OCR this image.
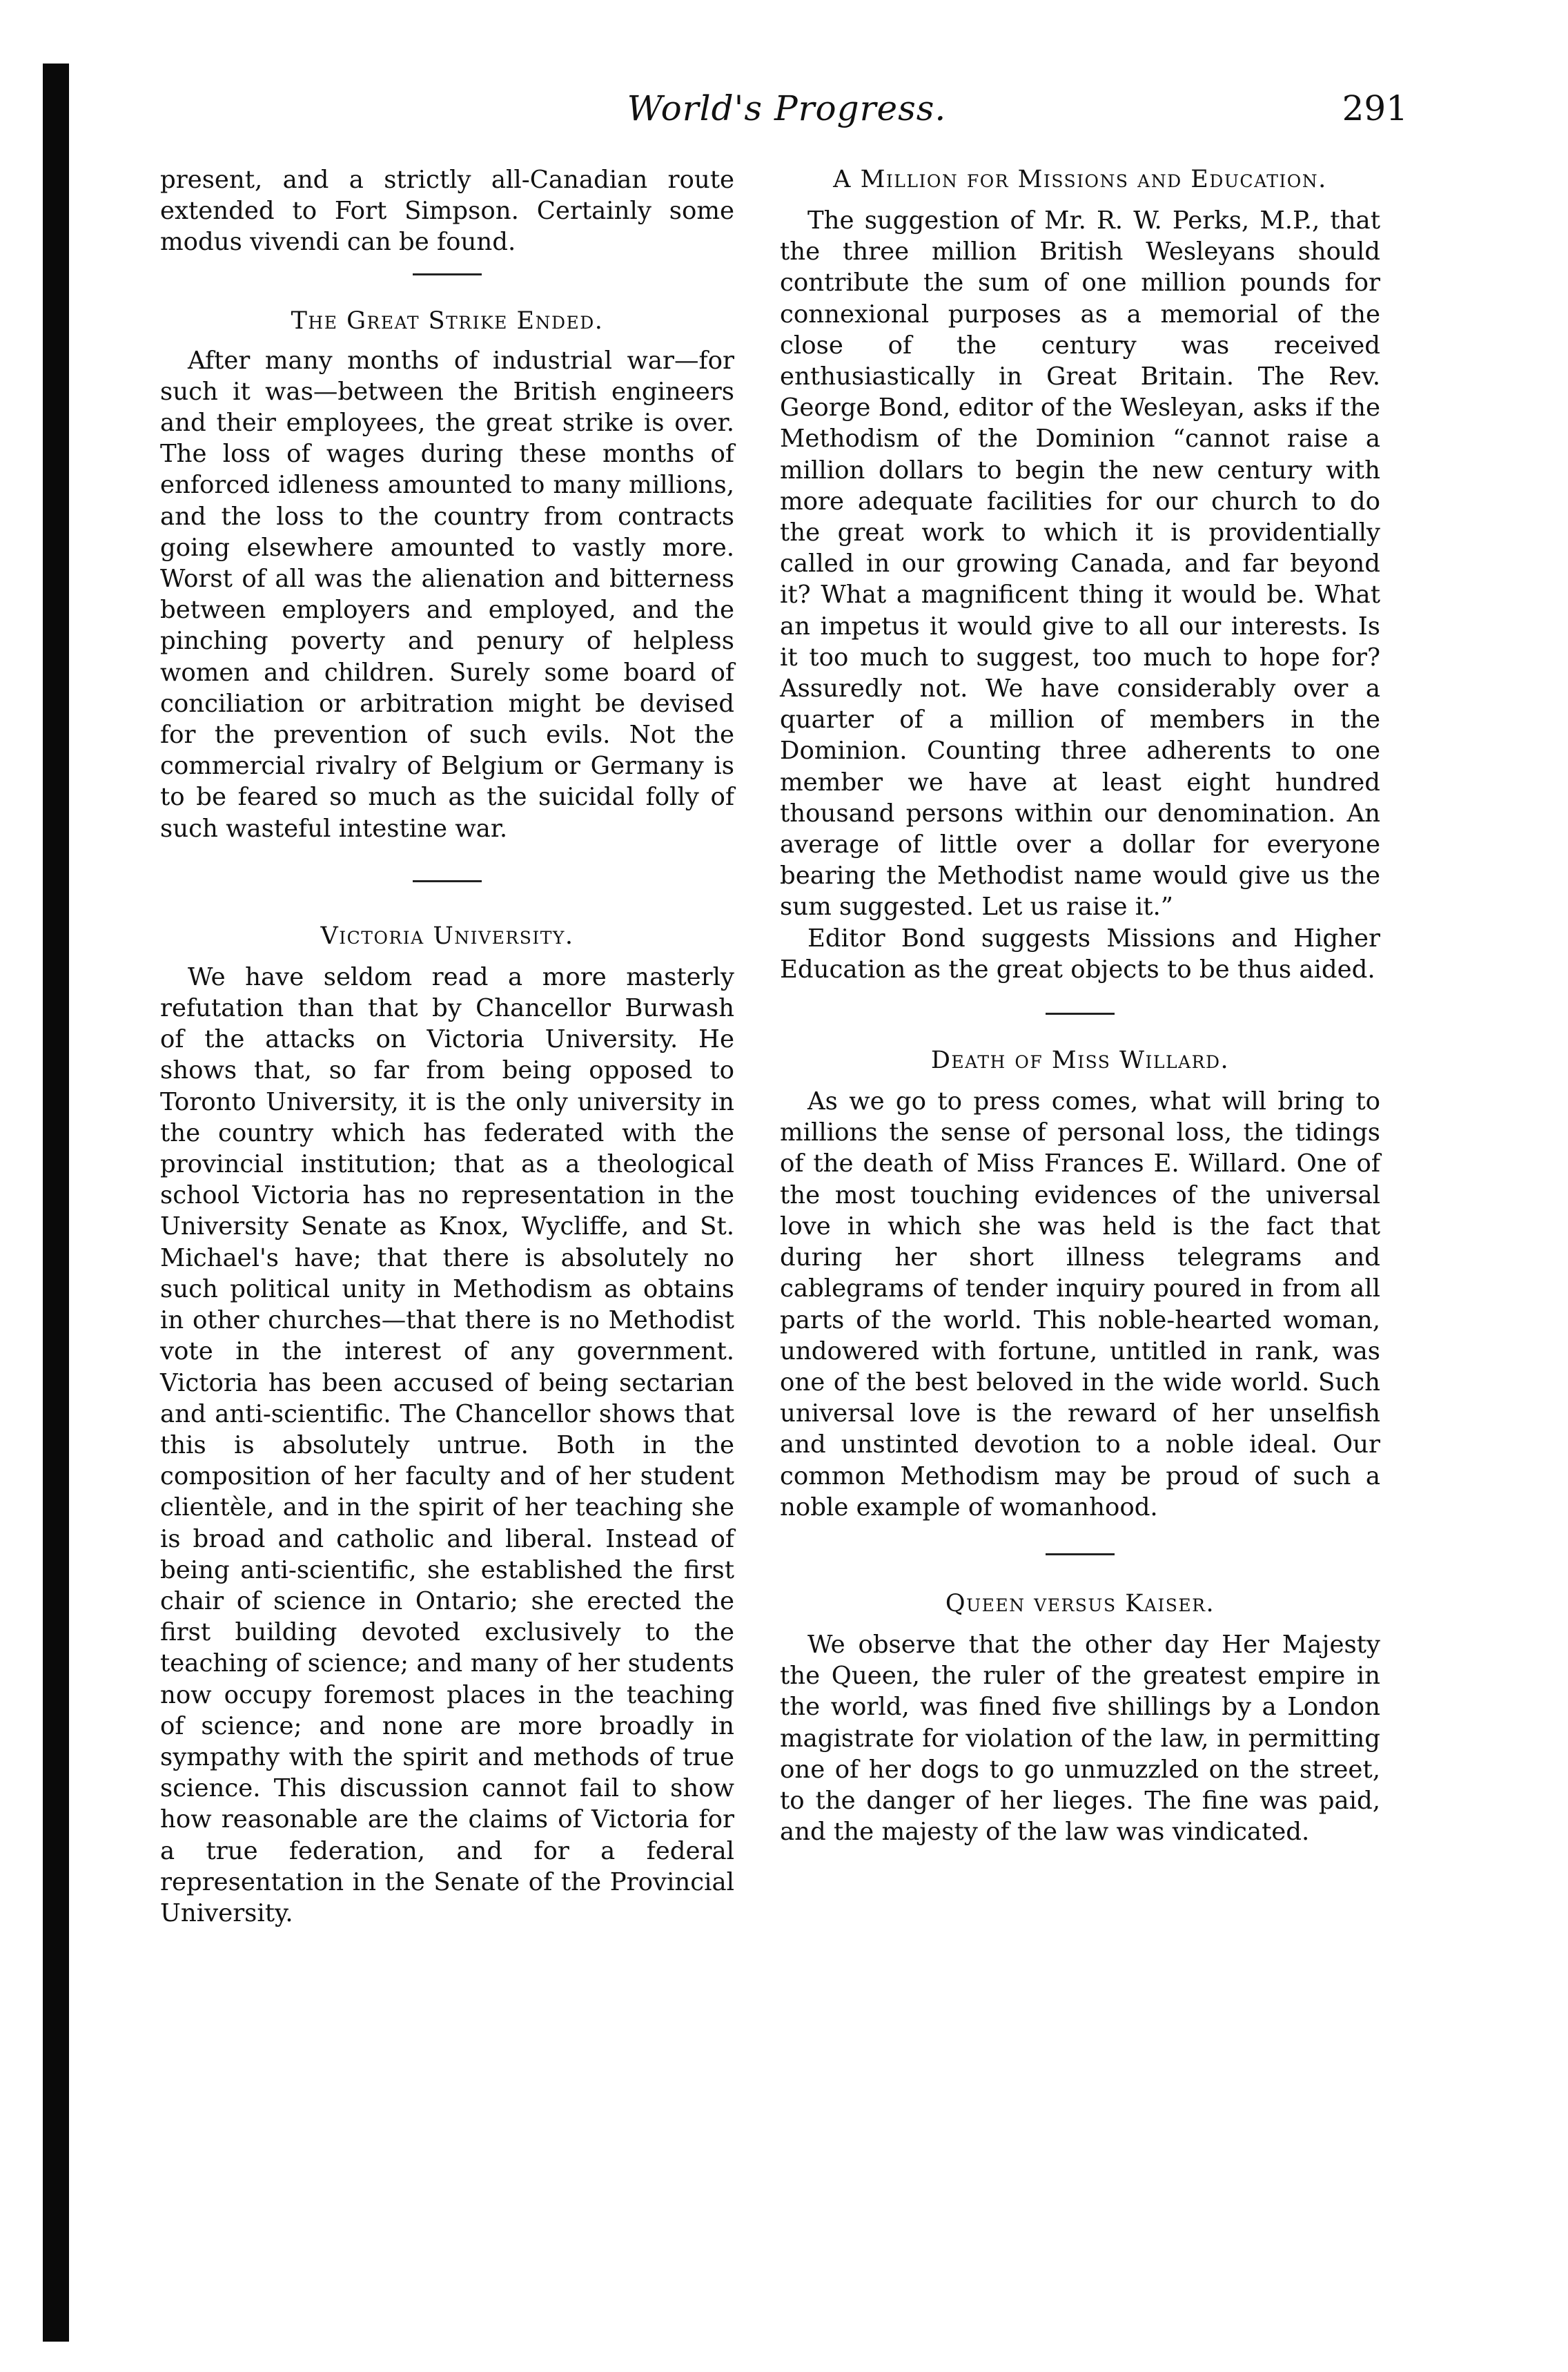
World's Progress.	291

present, and a strictly all-Canadian route extended to Fort Simpson. Certainly some modus vivendi can be found.

The Great Strike Ended.

After many months of industrial war—for such it was—between the British engineers and their employees, the great strike is over. The loss of wages during these months of enforced idleness amounted to many millions, and the loss to the country from contracts going elsewhere amounted to vastly more. Worst of all was the alienation and bitterness between employers and employed, and the pinching poverty and penury of helpless women and children. Surely some board of conciliation or arbitration might be devised for the prevention of such evils. Not the commercial rivalry of Belgium or Germany is to be feared so much as the suicidal folly of such wasteful intestine war.

Victoria University.

We have seldom read a more masterly refutation than that by Chancellor Burwash of the attacks on Victoria University. He shows that, so far from being opposed to Toronto University, it is the only university in the country which has federated with the provincial institution; that as a theological school Victoria has no representation in the University Senate as Knox, Wycliffe, and St. Michael's have; that there is absolutely no such political unity in Methodism as obtains in other churches—that there is no Methodist vote in the interest of any government. Victoria has been accused of being sectarian and anti-scientific. The Chancellor shows that this is absolutely untrue. Both in the composition of her faculty and of her student clientèle, and in the spirit of her teaching she is broad and catholic and liberal. Instead of being anti-scientific, she established the first chair of science in Ontario; she erected the first building devoted exclusively to the teaching of science; and many of her students now occupy foremost places in the teaching of science; and none are more broadly in sympathy with the spirit and methods of true science. This discussion cannot fail to show how reasonable are the claims of Victoria for a true federation, and for a federal representation in the Senate of the Provincial University.

A Million for Missions and Education.

The suggestion of Mr. R. W. Perks, M.P., that the three million British Wesleyans should contribute the sum of one million pounds for connexional purposes as a memorial of the close of the century was received enthusiastically in Great Britain. The Rev. George Bond, editor of the Wesleyan, asks if the Methodism of the Dominion “cannot raise a million dollars to begin the new century with more adequate facilities for our church to do the great work to which it is providentially called in our growing Canada, and far beyond it? What a magnificent thing it would be. What an impetus it would give to all our interests. Is it too much to suggest, too much to hope for? Assuredly not. We have considerably over a quarter of a million of members in the Dominion. Counting three adherents to one member we have at least eight hundred thousand persons within our denomination. An average of little over a dollar for everyone bearing the Methodist name would give us the sum suggested. Let us raise it.”

Editor Bond suggests Missions and Higher Education as the great objects to be thus aided.

Death of Miss Willard.

As we go to press comes, what will bring to millions the sense of personal loss, the tidings of the death of Miss Frances E. Willard. One of the most touching evidences of the universal love in which she was held is the fact that during her short illness telegrams and cablegrams of tender inquiry poured in from all parts of the world. This noble-hearted woman, undowered with fortune, untitled in rank, was one of the best beloved in the wide world. Such universal love is the reward of her unselfish and unstinted devotion to a noble ideal. Our common Methodism may be proud of such a noble example of womanhood.

Queen versus Kaiser.

We observe that the other day Her Majesty the Queen, the ruler of the greatest empire in the world, was fined five shillings by a London magistrate for violation of the law, in permitting one of her dogs to go unmuzzled on the street, to the danger of her lieges. The fine was paid, and the majesty of the law was vindicated.
